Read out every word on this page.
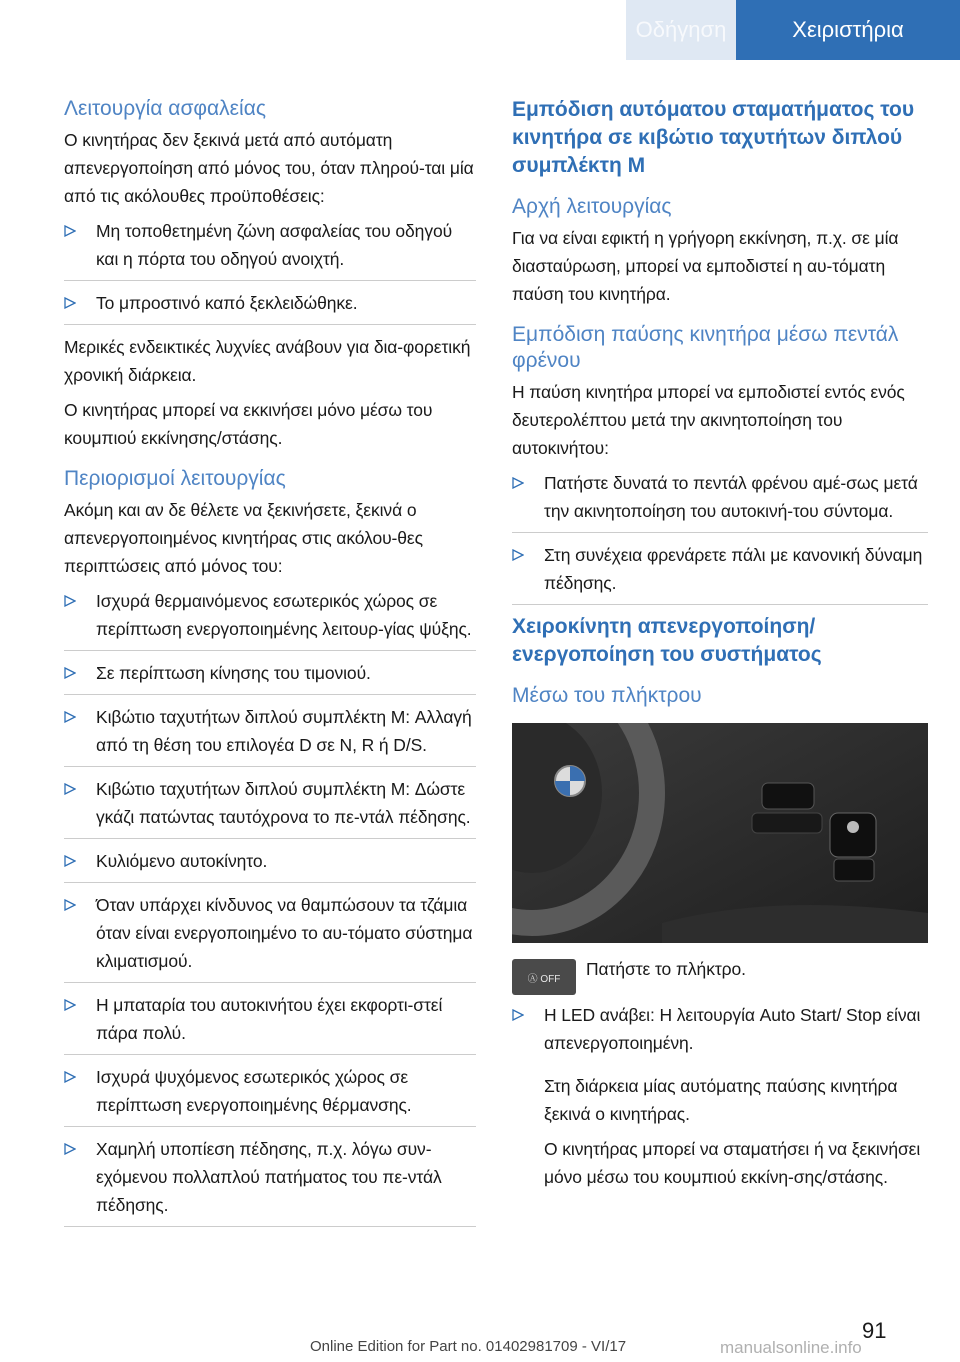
Οδήγηση	Χειριστήρια
Λειτουργία ασφαλείας
Ο κινητήρας δεν ξεκινά μετά από αυτόματη απενεργοποίηση από μόνος του, όταν πληρού‐ται μία από τις ακόλουθες προϋποθέσεις:
Μη τοποθετημένη ζώνη ασφαλείας του οδηγού και η πόρτα του οδηγού ανοιχτή.
Το μπροστινό καπό ξεκλειδώθηκε.
Μερικές ενδεικτικές λυχνίες ανάβουν για δια‐φορετική χρονική διάρκεια.
Ο κινητήρας μπορεί να εκκινήσει μόνο μέσω του κουμπιού εκκίνησης/στάσης.
Περιορισμοί λειτουργίας
Ακόμη και αν δε θέλετε να ξεκινήσετε, ξεκινά ο απενεργοποιημένος κινητήρας στις ακόλου‐θες περιπτώσεις από μόνος του:
Ισχυρά θερμαινόμενος εσωτερικός χώρος σε περίπτωση ενεργοποιημένης λειτουρ‐γίας ψύξης.
Σε περίπτωση κίνησης του τιμονιού.
Κιβώτιο ταχυτήτων διπλού συμπλέκτη M: Αλλαγή από τη θέση του επιλογέα D σε N, R ή D/S.
Κιβώτιο ταχυτήτων διπλού συμπλέκτη M: Δώστε γκάζι πατώντας ταυτόχρονα το πε‐ντάλ πέδησης.
Κυλιόμενο αυτοκίνητο.
Όταν υπάρχει κίνδυνος να θαμπώσουν τα τζάμια όταν είναι ενεργοποιημένο το αυ‐τόματο σύστημα κλιματισμού.
Η μπαταρία του αυτοκινήτου έχει εκφορτι‐στεί πάρα πολύ.
Ισχυρά ψυχόμενος εσωτερικός χώρος σε περίπτωση ενεργοποιημένης θέρμανσης.
Χαμηλή υποπίεση πέδησης, π.χ. λόγω συν‐εχόμενου πολλαπλού πατήματος του πε‐ντάλ πέδησης.
Εμπόδιση αυτόματου σταματήματος του κινητήρα σε κιβώτιο ταχυτήτων διπλού συμπλέκτη M
Αρχή λειτουργίας
Για να είναι εφικτή η γρήγορη εκκίνηση, π.χ. σε μία διασταύρωση, μπορεί να εμποδιστεί η αυ‐τόματη παύση του κινητήρα.
Εμπόδιση παύσης κινητήρα μέσω πεντάλ φρένου
Η παύση κινητήρα μπορεί να εμποδιστεί εντός ενός δευτερολέπτου μετά την ακινητοποίηση του αυτοκινήτου:
Πατήστε δυνατά το πεντάλ φρένου αμέ‐σως μετά την ακινητοποίηση του αυτοκινή‐του σύντομα.
Στη συνέχεια φρενάρετε πάλι με κανονική δύναμη πέδησης.
Χειροκίνητη απενεργοποίηση/ ενεργοποίηση του συστήματος
Μέσω του πλήκτρου
Ⓐ OFF Πατήστε το πλήκτρο.
Η LED ανάβει: Η λειτουργία Auto Start/ Stop είναι απενεργοποιημένη.
Στη διάρκεια μίας αυτόματης παύσης κινητήρα ξεκινά ο κινητήρας.
Ο κινητήρας μπορεί να σταματήσει ή να ξεκινήσει μόνο μέσω του κουμπιού εκκίνη‐σης/στάσης.
91
Online Edition for Part no. 01402981709 - VI/17	manualsonline.info
